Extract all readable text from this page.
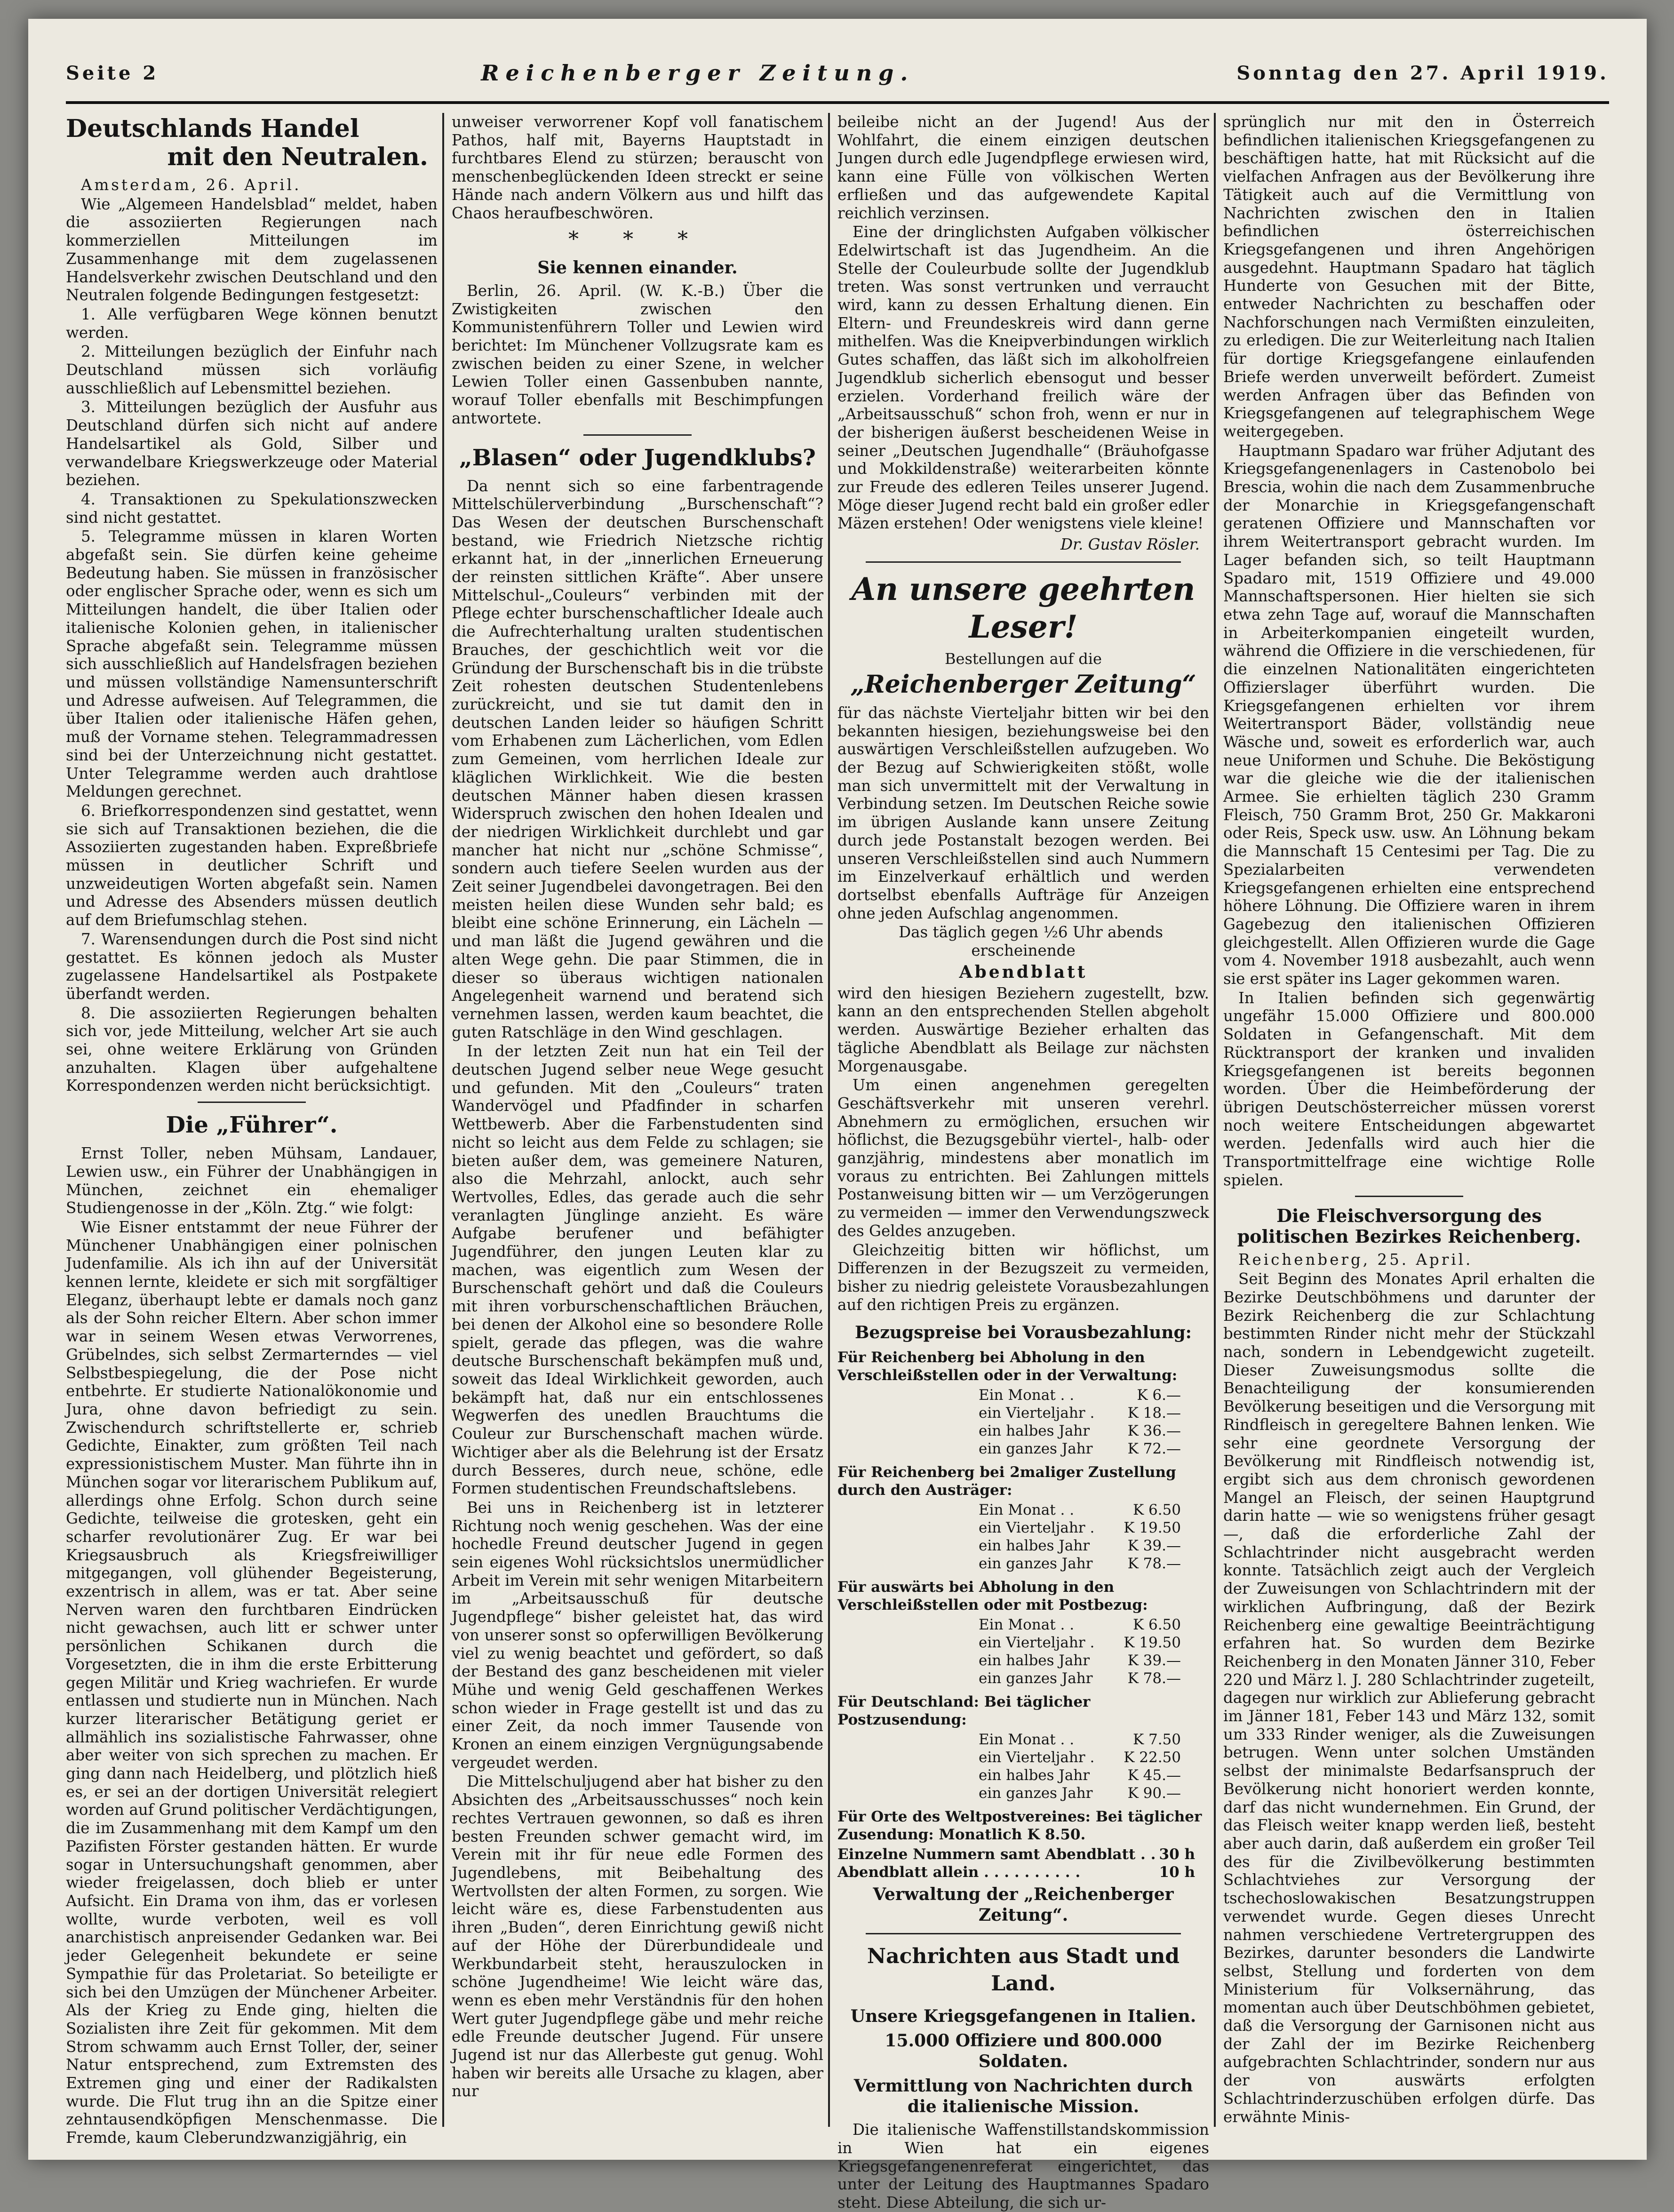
Seite 2	Reichenberger Zeitung.	Sonntag den 27. April 1919.
Deutschlands Handel
mit den Neutralen.

Amsterdam, 26. April.

Wie „Algemeen Handelsblad“ meldet, haben die assoziierten Regierungen nach kommerziellen Mitteilungen im Zusammenhange mit dem zugelassenen Handelsverkehr zwischen Deutschland und den Neutralen folgende Bedingungen festgesetzt:

1. Alle verfügbaren Wege können benutzt werden.

2. Mitteilungen bezüglich der Einfuhr nach Deutschland müssen sich vorläufig ausschließlich auf Lebensmittel beziehen.

3. Mitteilungen bezüglich der Ausfuhr aus Deutschland dürfen sich nicht auf andere Handelsartikel als Gold, Silber und verwandelbare Kriegswerkzeuge oder Material beziehen.

4. Transaktionen zu Spekulationszwecken sind nicht gestattet.

5. Telegramme müssen in klaren Worten abgefaßt sein. Sie dürfen keine geheime Bedeutung haben. Sie müssen in französischer oder englischer Sprache oder, wenn es sich um Mitteilungen handelt, die über Italien oder italienische Kolonien gehen, in italienischer Sprache abgefaßt sein. Telegramme müssen sich ausschließlich auf Handelsfragen beziehen und müssen vollständige Namensunterschrift und Adresse aufweisen. Auf Telegrammen, die über Italien oder italienische Häfen gehen, muß der Vorname stehen. Telegrammadressen sind bei der Unterzeichnung nicht gestattet. Unter Telegramme werden auch drahtlose Meldungen gerechnet.

6. Briefkorrespondenzen sind gestattet, wenn sie sich auf Transaktionen beziehen, die die Assoziierten zugestanden haben. Expreßbriefe müssen in deutlicher Schrift und unzweideutigen Worten abgefaßt sein. Namen und Adresse des Absenders müssen deutlich auf dem Briefumschlag stehen.

7. Warensendungen durch die Post sind nicht gestattet. Es können jedoch als Muster zugelassene Handelsartikel als Postpakete überfandt werden.

8. Die assoziierten Regierungen behalten sich vor, jede Mitteilung, welcher Art sie auch sei, ohne weitere Erklärung von Gründen anzuhalten. Klagen über aufgehaltene Korrespondenzen werden nicht berücksichtigt.

Die „Führer“.

Ernst Toller, neben Mühsam, Landauer, Lewien usw., ein Führer der Unabhängigen in München, zeichnet ein ehemaliger Studiengenosse in der „Köln. Ztg.“ wie folgt:

Wie Eisner entstammt der neue Führer der Münchener Unabhängigen einer polnischen Judenfamilie. Als ich ihn auf der Universität kennen lernte, kleidete er sich mit sorgfältiger Eleganz, überhaupt lebte er damals noch ganz als der Sohn reicher Eltern. Aber schon immer war in seinem Wesen etwas Verworrenes, Grübelndes, sich selbst Zermarterndes — viel Selbstbespiegelung, die der Pose nicht entbehrte. Er studierte Nationalökonomie und Jura, ohne davon befriedigt zu sein. Zwischendurch schriftstellerte er, schrieb Gedichte, Einakter, zum größten Teil nach expressionistischem Muster. Man führte ihn in München sogar vor literarischem Publikum auf, allerdings ohne Erfolg. Schon durch seine Gedichte, teilweise die grotesken, geht ein scharfer revolutionärer Zug. Er war bei Kriegsausbruch als Kriegsfreiwilliger mitgegangen, voll glühender Begeisterung, exzentrisch in allem, was er tat. Aber seine Nerven waren den furchtbaren Eindrücken nicht gewachsen, auch litt er schwer unter persönlichen Schikanen durch die Vorgesetzten, die in ihm die erste Erbitterung gegen Militär und Krieg wachriefen. Er wurde entlassen und studierte nun in München. Nach kurzer literarischer Betätigung geriet er allmählich ins sozialistische Fahrwasser, ohne aber weiter von sich sprechen zu machen. Er ging dann nach Heidelberg, und plötzlich hieß es, er sei an der dortigen Universität relegiert worden auf Grund politischer Verdächtigungen, die im Zusammenhang mit dem Kampf um den Pazifisten Förster gestanden hätten. Er wurde sogar in Untersuchungshaft genommen, aber wieder freigelassen, doch blieb er unter Aufsicht. Ein Drama von ihm, das er vorlesen wollte, wurde verboten, weil es voll anarchistisch anpreisender Gedanken war. Bei jeder Gelegenheit bekundete er seine Sympathie für das Proletariat. So beteiligte er sich bei den Umzügen der Münchener Arbeiter. Als der Krieg zu Ende ging, hielten die Sozialisten ihre Zeit für gekommen. Mit dem Strom schwamm auch Ernst Toller, der, seiner Natur entsprechend, zum Extremsten des Extremen ging und einer der Radikalsten wurde. Die Flut trug ihn an die Spitze einer zehntausendköpfigen Menschenmasse. Die Fremde, kaum Cleberundzwanzigjährig, ein

unweiser verworrener Kopf voll fanatischem Pathos, half mit, Bayerns Hauptstadt in furchtbares Elend zu stürzen; berauscht von menschenbeglückenden Ideen streckt er seine Hände nach andern Völkern aus und hilft das Chaos heraufbeschwören.

* * *
Sie kennen einander.

Berlin, 26. April. (W. K.-B.) Über die Zwistigkeiten zwischen den Kommunistenführern Toller und Lewien wird berichtet: Im Münchener Vollzugsrate kam es zwischen beiden zu einer Szene, in welcher Lewien Toller einen Gassenbuben nannte, worauf Toller ebenfalls mit Beschimpfungen antwortete.

„Blasen“ oder Jugendklubs?

Da nennt sich so eine farbentragende Mittelschülerverbindung „Burschenschaft“? Das Wesen der deutschen Burschenschaft bestand, wie Friedrich Nietzsche richtig erkannt hat, in der „innerlichen Erneuerung der reinsten sittlichen Kräfte“. Aber unsere Mittelschul-„Couleurs“ verbinden mit der Pflege echter burschenschaftlicher Ideale auch die Aufrechterhaltung uralten studentischen Brauches, der geschichtlich weit vor die Gründung der Burschenschaft bis in die trübste Zeit rohesten deutschen Studentenlebens zurückreicht, und sie tut damit den in deutschen Landen leider so häufigen Schritt vom Erhabenen zum Lächerlichen, vom Edlen zum Gemeinen, vom herrlichen Ideale zur kläglichen Wirklichkeit. Wie die besten deutschen Männer haben diesen krassen Widerspruch zwischen den hohen Idealen und der niedrigen Wirklichkeit durchlebt und gar mancher hat nicht nur „schöne Schmisse“, sondern auch tiefere Seelen wurden aus der Zeit seiner Jugendbelei davongetragen. Bei den meisten heilen diese Wunden sehr bald; es bleibt eine schöne Erinnerung, ein Lächeln — und man läßt die Jugend gewähren und die alten Wege gehn. Die paar Stimmen, die in dieser so überaus wichtigen nationalen Angelegenheit warnend und beratend sich vernehmen lassen, werden kaum beachtet, die guten Ratschläge in den Wind geschlagen.

In der letzten Zeit nun hat ein Teil der deutschen Jugend selber neue Wege gesucht und gefunden. Mit den „Couleurs“ traten Wandervögel und Pfadfinder in scharfen Wettbewerb. Aber die Farbenstudenten sind nicht so leicht aus dem Felde zu schlagen; sie bieten außer dem, was gemeinere Naturen, also die Mehrzahl, anlockt, auch sehr Wertvolles, Edles, das gerade auch die sehr veranlagten Jünglinge anzieht. Es wäre Aufgabe berufener und befähigter Jugendführer, den jungen Leuten klar zu machen, was eigentlich zum Wesen der Burschenschaft gehört und daß die Couleurs mit ihren vorburschenschaftlichen Bräuchen, bei denen der Alkohol eine so besondere Rolle spielt, gerade das pflegen, was die wahre deutsche Burschenschaft bekämpfen muß und, soweit das Ideal Wirklichkeit geworden, auch bekämpft hat, daß nur ein entschlossenes Wegwerfen des unedlen Brauchtums die Couleur zur Burschenschaft machen würde. Wichtiger aber als die Belehrung ist der Ersatz durch Besseres, durch neue, schöne, edle Formen studentischen Freundschaftslebens.

Bei uns in Reichenberg ist in letzterer Richtung noch wenig geschehen. Was der eine hochedle Freund deutscher Jugend in gegen sein eigenes Wohl rücksichtslos unermüdlicher Arbeit im Verein mit sehr wenigen Mitarbeitern im „Arbeitsausschuß für deutsche Jugendpflege“ bisher geleistet hat, das wird von unserer sonst so opferwilligen Bevölkerung viel zu wenig beachtet und gefördert, so daß der Bestand des ganz bescheidenen mit vieler Mühe und wenig Geld geschaffenen Werkes schon wieder in Frage gestellt ist und das zu einer Zeit, da noch immer Tausende von Kronen an einem einzigen Vergnügungsabende vergeudet werden.

Die Mittelschuljugend aber hat bisher zu den Absichten des „Arbeitsausschusses“ noch kein rechtes Vertrauen gewonnen, so daß es ihren besten Freunden schwer gemacht wird, im Verein mit ihr für neue edle Formen des Jugendlebens, mit Beibehaltung des Wertvollsten der alten Formen, zu sorgen. Wie leicht wäre es, diese Farbenstudenten aus ihren „Buden“, deren Einrichtung gewiß nicht auf der Höhe der Dürerbundideale und Werkbundarbeit steht, herauszulocken in schöne Jugendheime! Wie leicht wäre das, wenn es eben mehr Verständnis für den hohen Wert guter Jugendpflege gäbe und mehr reiche edle Freunde deutscher Jugend. Für unsere Jugend ist nur das Allerbeste gut genug. Wohl haben wir bereits alle Ursache zu klagen, aber nur

beileibe nicht an der Jugend! Aus der Wohlfahrt, die einem einzigen deutschen Jungen durch edle Jugendpflege erwiesen wird, kann eine Fülle von völkischen Werten erfließen und das aufgewendete Kapital reichlich verzinsen.

Eine der dringlichsten Aufgaben völkischer Edelwirtschaft ist das Jugendheim. An die Stelle der Couleurbude sollte der Jugendklub treten. Was sonst vertrunken und verraucht wird, kann zu dessen Erhaltung dienen. Ein Eltern- und Freundeskreis wird dann gerne mithelfen. Was die Kneipverbindungen wirklich Gutes schaffen, das läßt sich im alkoholfreien Jugendklub sicherlich ebensogut und besser erzielen. Vorderhand freilich wäre der „Arbeitsausschuß“ schon froh, wenn er nur in der bisherigen äußerst bescheidenen Weise in seiner „Deutschen Jugendhalle“ (Bräuhofgasse und Mokkildenstraße) weiterarbeiten könnte zur Freude des edleren Teiles unserer Jugend. Möge dieser Jugend recht bald ein großer edler Mäzen erstehen! Oder wenigstens viele kleine!

Dr. Gustav Rösler.
An unsere geehrten Leser!
Bestellungen auf die
„Reichenberger Zeitung“

für das nächste Vierteljahr bitten wir bei den bekannten hiesigen, beziehungsweise bei den auswärtigen Verschleißstellen aufzugeben. Wo der Bezug auf Schwierigkeiten stößt, wolle man sich unvermittelt mit der Verwaltung in Verbindung setzen. Im Deutschen Reiche sowie im übrigen Auslande kann unsere Zeitung durch jede Postanstalt bezogen werden. Bei unseren Verschleißstellen sind auch Nummern im Einzelverkauf erhältlich und werden dortselbst ebenfalls Aufträge für Anzeigen ohne jeden Aufschlag angenommen.

Das täglich gegen ½6 Uhr abends erscheinende

Abendblatt

wird den hiesigen Beziehern zugestellt, bzw. kann an den entsprechenden Stellen abgeholt werden. Auswärtige Bezieher erhalten das tägliche Abendblatt als Beilage zur nächsten Morgenausgabe.

Um einen angenehmen geregelten Geschäftsverkehr mit unseren verehrl. Abnehmern zu ermöglichen, ersuchen wir höflichst, die Bezugsgebühr viertel-, halb- oder ganzjährig, mindestens aber monatlich im voraus zu entrichten. Bei Zahlungen mittels Postanweisung bitten wir — um Verzögerungen zu vermeiden — immer den Verwendungszweck des Geldes anzugeben.

Gleichzeitig bitten wir höflichst, um Differenzen in der Bezugszeit zu vermeiden, bisher zu niedrig geleistete Vorausbezahlungen auf den richtigen Preis zu ergänzen.

Bezugspreise bei Vorausbezahlung:
Für Reichenberg bei Abholung in den Verschleißstellen oder in der Verwaltung:
Ein Monat . .	K 6.—
ein Vierteljahr . K 18.—
ein halbes Jahr	K 36.—
ein ganzes Jahr K 72.—
Für Reichenberg bei 2maliger Zustellung durch den Austräger:
Ein Monat . .	K 6.50
ein Vierteljahr . K 19.50
ein halbes Jahr	K 39.—
ein ganzes Jahr K 78.—
Für auswärts bei Abholung in den Verschleißstellen oder mit Postbezug:
Ein Monat . .	K 6.50
ein Vierteljahr . K 19.50
ein halbes Jahr	K 39.—
ein ganzes Jahr K 78.—
Für Deutschland: Bei täglicher Postzusendung:
Ein Monat . .	K 7.50
ein Vierteljahr . K 22.50
ein halbes Jahr	K 45.—
ein ganzes Jahr K 90.—
Für Orte des Weltpostvereines: Bei täglicher Zusendung: Monatlich K 8.50.
Einzelne Nummern samt Abendblatt . . 30 h
Abendblatt allein . . . . . . . . . .	10 h
Verwaltung der „Reichenberger Zeitung“.
Nachrichten aus Stadt und Land.
Unsere Kriegsgefangenen in Italien.
15.000 Offiziere und 800.000 Soldaten.
Vermittlung von Nachrichten durch die italienische Mission.

Die italienische Waffenstillstandskommission in Wien hat ein eigenes Kriegsgefangenenreferat eingerichtet, das unter der Leitung des Hauptmannes Spadaro steht. Diese Abteilung, die sich ur-

sprünglich nur mit den in Österreich befindlichen italienischen Kriegsgefangenen zu beschäftigen hatte, hat mit Rücksicht auf die vielfachen Anfragen aus der Bevölkerung ihre Tätigkeit auch auf die Vermittlung von Nachrichten zwischen den in Italien befindlichen österreichischen Kriegsgefangenen und ihren Angehörigen ausgedehnt. Hauptmann Spadaro hat täglich Hunderte von Gesuchen mit der Bitte, entweder Nachrichten zu beschaffen oder Nachforschungen nach Vermißten einzuleiten, zu erledigen. Die zur Weiterleitung nach Italien für dortige Kriegsgefangene einlaufenden Briefe werden unverweilt befördert. Zumeist werden Anfragen über das Befinden von Kriegsgefangenen auf telegraphischem Wege weitergegeben.

Hauptmann Spadaro war früher Adjutant des Kriegsgefangenenlagers in Castenobolo bei Brescia, wohin die nach dem Zusammenbruche der Monarchie in Kriegsgefangenschaft geratenen Offiziere und Mannschaften vor ihrem Weitertransport gebracht wurden. Im Lager befanden sich, so teilt Hauptmann Spadaro mit, 1519 Offiziere und 49.000 Mannschaftspersonen. Hier hielten sie sich etwa zehn Tage auf, worauf die Mannschaften in Arbeiterkompanien eingeteilt wurden, während die Offiziere in die verschiedenen, für die einzelnen Nationalitäten eingerichteten Offizierslager überführt wurden. Die Kriegsgefangenen erhielten vor ihrem Weitertransport Bäder, vollständig neue Wäsche und, soweit es erforderlich war, auch neue Uniformen und Schuhe. Die Beköstigung war die gleiche wie die der italienischen Armee. Sie erhielten täglich 230 Gramm Fleisch, 750 Gramm Brot, 250 Gr. Makkaroni oder Reis, Speck usw. usw. An Löhnung bekam die Mannschaft 15 Centesimi per Tag. Die zu Spezialarbeiten verwendeten Kriegsgefangenen erhielten eine entsprechend höhere Löhnung. Die Offiziere waren in ihrem Gagebezug den italienischen Offizieren gleichgestellt. Allen Offizieren wurde die Gage vom 4. November 1918 ausbezahlt, auch wenn sie erst später ins Lager gekommen waren.

In Italien befinden sich gegenwärtig ungefähr 15.000 Offiziere und 800.000 Soldaten in Gefangenschaft. Mit dem Rücktransport der kranken und invaliden Kriegsgefangenen ist bereits begonnen worden. Über die Heimbeförderung der übrigen Deutschösterreicher müssen vorerst noch weitere Entscheidungen abgewartet werden. Jedenfalls wird auch hier die Transportmittelfrage eine wichtige Rolle spielen.

Die Fleischversorgung des politischen Bezirkes Reichenberg.

Reichenberg, 25. April.

Seit Beginn des Monates April erhalten die Bezirke Deutschböhmens und darunter der Bezirk Reichenberg die zur Schlachtung bestimmten Rinder nicht mehr der Stückzahl nach, sondern in Lebendgewicht zugeteilt. Dieser Zuweisungsmodus sollte die Benachteiligung der konsumierenden Bevölkerung beseitigen und die Versorgung mit Rindfleisch in geregeltere Bahnen lenken. Wie sehr eine geordnete Versorgung der Bevölkerung mit Rindfleisch notwendig ist, ergibt sich aus dem chronisch gewordenen Mangel an Fleisch, der seinen Hauptgrund darin hatte — wie so wenigstens früher gesagt —, daß die erforderliche Zahl der Schlachtrinder nicht ausgebracht werden konnte. Tatsächlich zeigt auch der Vergleich der Zuweisungen von Schlachtrindern mit der wirklichen Aufbringung, daß der Bezirk Reichenberg eine gewaltige Beeinträchtigung erfahren hat. So wurden dem Bezirke Reichenberg in den Monaten Jänner 310, Feber 220 und März l. J. 280 Schlachtrinder zugeteilt, dagegen nur wirklich zur Ablieferung gebracht im Jänner 181, Feber 143 und März 132, somit um 333 Rinder weniger, als die Zuweisungen betrugen. Wenn unter solchen Umständen selbst der minimalste Bedarfsanspruch der Bevölkerung nicht honoriert werden konnte, darf das nicht wundernehmen. Ein Grund, der das Fleisch weiter knapp werden ließ, besteht aber auch darin, daß außerdem ein großer Teil des für die Zivilbevölkerung bestimmten Schlachtviehes zur Versorgung der tschechoslowakischen Besatzungstruppen verwendet wurde. Gegen dieses Unrecht nahmen verschiedene Vertretergruppen des Bezirkes, darunter besonders die Landwirte selbst, Stellung und forderten von dem Ministerium für Volksernährung, das momentan auch über Deutschböhmen gebietet, daß die Versorgung der Garnisonen nicht aus der Zahl der im Bezirke Reichenberg aufgebrachten Schlachtrinder, sondern nur aus der von auswärts erfolgten Schlachtrinderzuschüben erfolgen dürfe. Das erwähnte Minis-
